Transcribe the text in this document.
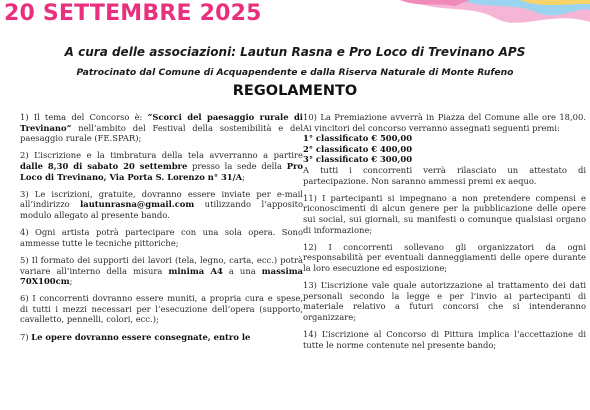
20 SETTEMBRE 2025
A cura delle associazioni: Lautun Rasna e Pro Loco di Trevinano APS
Patrocinato dal Comune di Acquapendente e dalla Riserva Naturale di Monte Rufeno
REGOLAMENTO

1) Il tema del Concorso è: “Scorci del paesaggio rurale di Trevinano” nell’ambito del Festival della sostenibilità e del paesaggio rurale (FE.SPAR);

2) L’iscrizione e la timbratura della tela avverranno a partire dalle 8,30 di sabato 20 settembre presso la sede della Pro Loco di Trevinano, Via Porta S. Lorenzo n° 31/A;

3) Le iscrizioni, gratuite, dovranno essere inviate per e-mail all’indirizzo lautunrasna@gmail.com utilizzando l’apposito modulo allegato al presente bando.

4) Ogni artista potrà partecipare con una sola opera. Sono ammesse tutte le tecniche pittoriche;

5) Il formato dei supporti dei lavori (tela, legno, carta, ecc.) potrà variare all’interno della misura minima A4 a una massima 70X100cm;

6) I concorrenti dovranno essere muniti, a propria cura e spese, di tutti i mezzi necessari per l’esecuzione dell’opera (supporto, cavalletto, pennelli, colori, ecc.);

7) Le opere dovranno essere consegnate, entro le

10) La Premiazione avverrà in Piazza del Comune alle ore 18,00. Ai vincitori del concorso verranno assegnati seguenti premi:

1° classificato € 500,00
2° classificato € 400,00
3° classificato € 300,00

A tutti i concorrenti verrà rilasciato un attestato di partecipazione. Non saranno ammessi premi ex aequo.

11) I partecipanti si impegnano a non pretendere compensi e riconoscimenti di alcun genere per la pubblicazione delle opere sui social, sui giornali, su manifesti o comunque qualsiasi organo di informazione;

12) I concorrenti sollevano gli organizzatori da ogni responsabilità per eventuali danneggiamenti delle opere durante la loro esecuzione ed esposizione;

13) L’iscrizione vale quale autorizzazione al trattamento dei dati personali secondo la legge e per l’invio ai partecipanti di materiale relativo a futuri concorsi che si intenderanno organizzare;

14) L’iscrizione al Concorso di Pittura implica l’accettazione di tutte le norme contenute nel presente bando;
